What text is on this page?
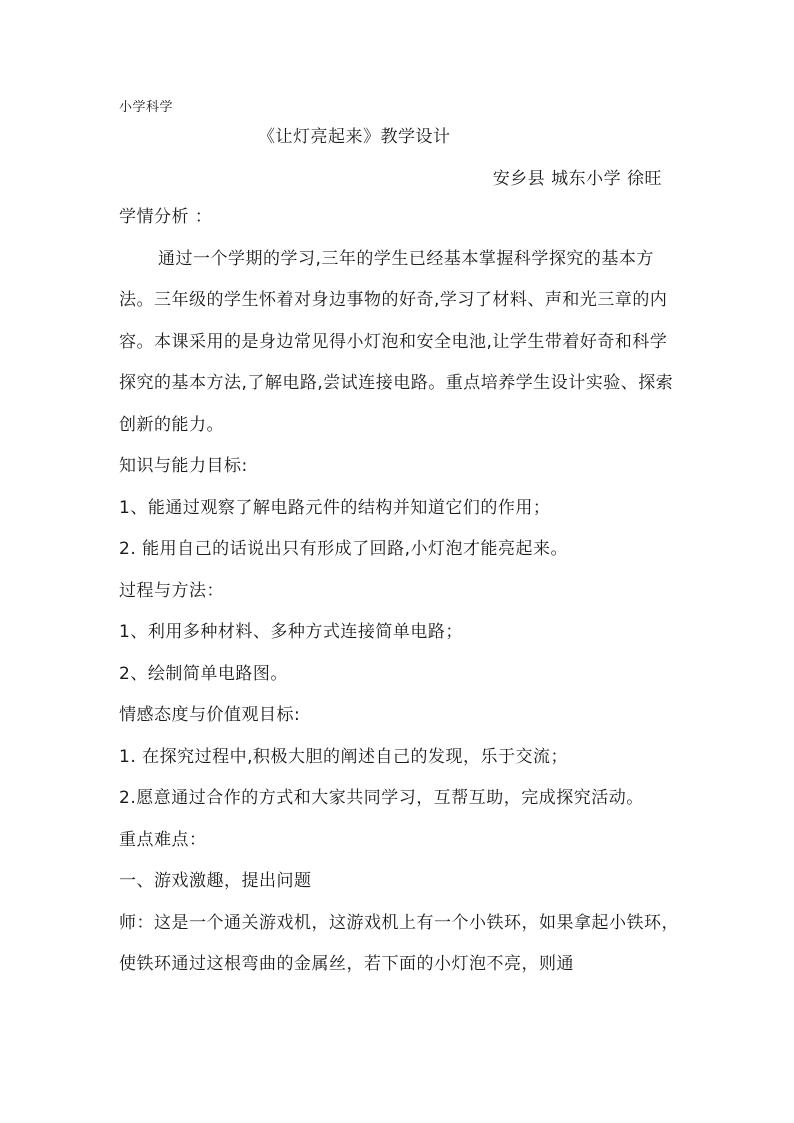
小学科学
《让灯亮起来》教学设计
安乡县 城东小学 徐旺

学情分析 ：

通过一个学期的学习,三年的学生已经基本掌握科学探究的基本方法。三年级的学生怀着对身边事物的好奇,学习了材料、声和光三章的内容。本课采用的是身边常见得小灯泡和安全电池,让学生带着好奇和科学探究的基本方法,了解电路,尝试连接电路。重点培养学生设计实验、探索创新的能力。

知识与能力目标:

1、能通过观察了解电路元件的结构并知道它们的作用；

2. 能用自己的话说出只有形成了回路,小灯泡才能亮起来。

过程与方法：

1、利用多种材料、多种方式连接简单电路；

2、绘制简单电路图。

情感态度与价值观目标:

1. 在探究过程中,积极大胆的阐述自己的发现，乐于交流；

2.愿意通过合作的方式和大家共同学习，互帮互助，完成探究活动。

重点难点：

一、游戏激趣，提出问题

师：这是一个通关游戏机，这游戏机上有一个小铁环，如果拿起小铁环，使铁环通过这根弯曲的金属丝，若下面的小灯泡不亮，则通
